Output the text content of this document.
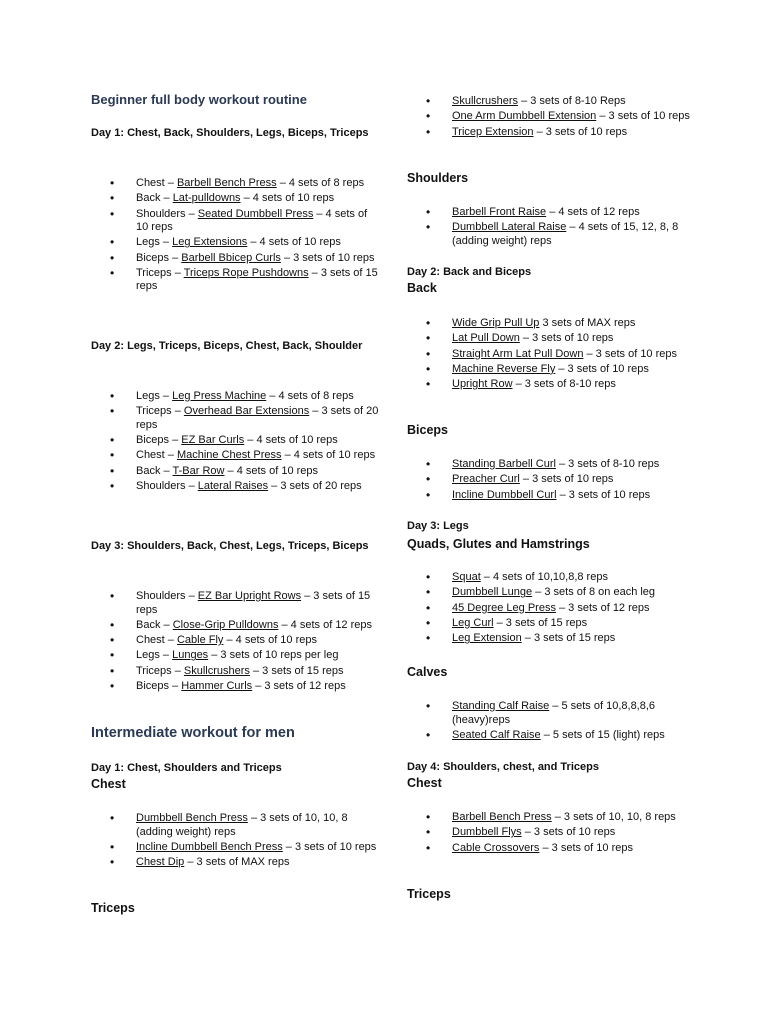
Beginner full body workout routine
Day 1: Chest, Back, Shoulders, Legs, Biceps, Triceps
• Chest – Barbell Bench Press – 4 sets of 8 reps
• Back – Lat-pulldowns – 4 sets of 10 reps
• Shoulders – Seated Dumbbell Press – 4 sets of 10 reps
• Legs – Leg Extensions – 4 sets of 10 reps
• Biceps – Barbell Bbicep Curls – 3 sets of 10 reps
• Triceps – Triceps Rope Pushdowns – 3 sets of 15 reps
Day 2: Legs, Triceps, Biceps, Chest, Back, Shoulder
• Legs – Leg Press Machine – 4 sets of 8 reps
• Triceps – Overhead Bar Extensions – 3 sets of 20 reps
• Biceps – EZ Bar Curls – 4 sets of 10 reps
• Chest – Machine Chest Press – 4 sets of 10 reps
• Back – T-Bar Row – 4 sets of 10 reps
• Shoulders – Lateral Raises – 3 sets of 20 reps
Day 3: Shoulders, Back, Chest, Legs, Triceps, Biceps
• Shoulders – EZ Bar Upright Rows – 3 sets of 15 reps
• Back – Close-Grip Pulldowns – 4 sets of 12 reps
• Chest – Cable Fly – 4 sets of 10 reps
• Legs – Lunges – 3 sets of 10 reps per leg
• Triceps – Skullcrushers – 3 sets of 15 reps
• Biceps – Hammer Curls – 3 sets of 12 reps
Intermediate workout for men
Day 1: Chest, Shoulders and Triceps
Chest
• Dumbbell Bench Press – 3 sets of 10, 10, 8 (adding weight) reps
• Incline Dumbbell Bench Press – 3 sets of 10 reps
• Chest Dip – 3 sets of MAX reps
Triceps
• Skullcrushers – 3 sets of 8-10 Reps
• One Arm Dumbbell Extension – 3 sets of 10 reps
• Tricep Extension – 3 sets of 10 reps
Shoulders
• Barbell Front Raise – 4 sets of 12 reps
• Dumbbell Lateral Raise – 4 sets of 15, 12, 8, 8 (adding weight) reps
Day 2: Back and Biceps
Back
• Wide Grip Pull Up 3 sets of MAX reps
• Lat Pull Down – 3 sets of 10 reps
• Straight Arm Lat Pull Down – 3 sets of 10 reps
• Machine Reverse Fly – 3 sets of 10 reps
• Upright Row – 3 sets of 8-10 reps
Biceps
• Standing Barbell Curl – 3 sets of 8-10 reps
• Preacher Curl – 3 sets of 10 reps
• Incline Dumbbell Curl – 3 sets of 10 reps
Day 3: Legs
Quads, Glutes and Hamstrings
• Squat – 4 sets of 10,10,8,8 reps
• Dumbbell Lunge – 3 sets of 8 on each leg
• 45 Degree Leg Press – 3 sets of 12 reps
• Leg Curl – 3 sets of 15 reps
• Leg Extension – 3 sets of 15 reps
Calves
• Standing Calf Raise – 5 sets of 10,8,8,8,6 (heavy)reps
• Seated Calf Raise – 5 sets of 15 (light) reps
Day 4: Shoulders, chest, and Triceps
Chest
• Barbell Bench Press – 3 sets of 10, 10, 8 reps
• Dumbbell Flys – 3 sets of 10 reps
• Cable Crossovers – 3 sets of 10 reps
Triceps
